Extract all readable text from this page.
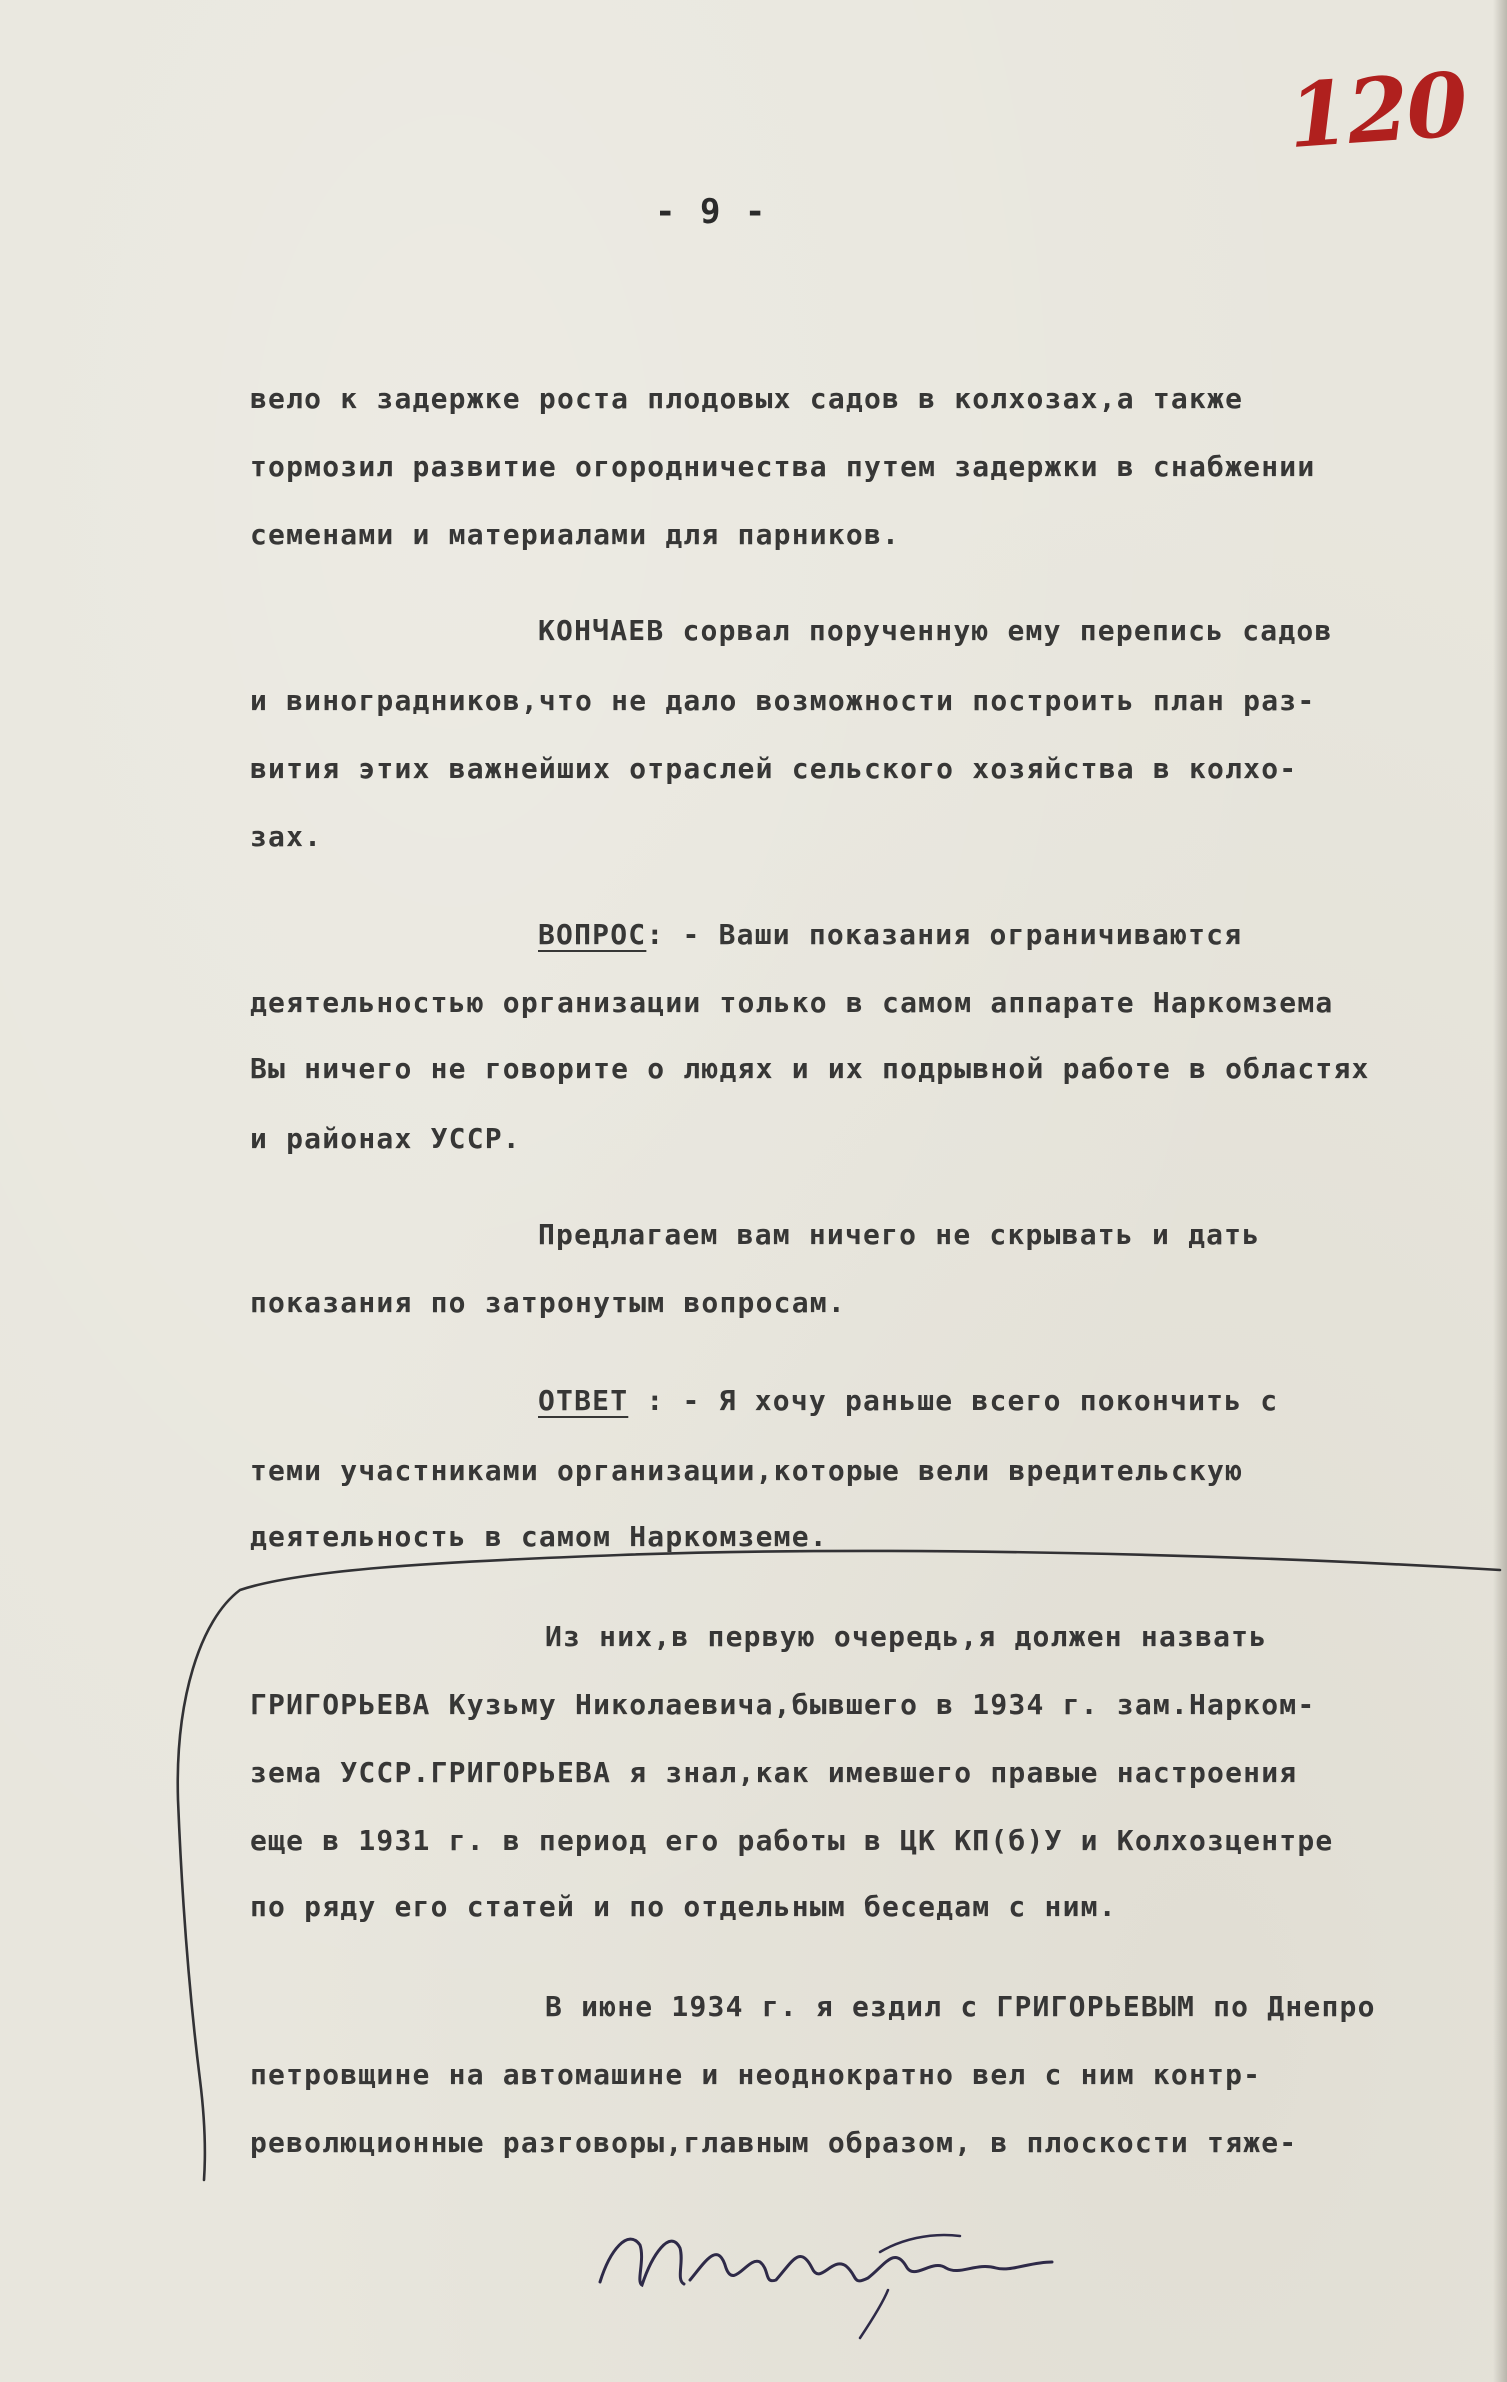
120
- 9 -
вело к задержке роста плодовых садов в колхозах,а также
тормозил развитие огородничества путем задержки в снабжении
семенами и материалами для парников.
КОНЧАЕВ сорвал порученную ему перепись садов
и виноградников,что не дало возможности построить план раз-
вития этих важнейших отраслей сельского хозяйства в колхо-
зах.
ВОПРОС: - Ваши показания ограничиваются
деятельностью организации только в самом аппарате Наркомзема
Вы ничего не говорите о людях и их подрывной работе в областях
и районах УССР.
Предлагаем вам ничего не скрывать и дать
показания по затронутым вопросам.
ОТВЕТ : - Я хочу раньше всего покончить с
теми участниками организации,которые вели вредительскую
деятельность в самом Наркомземе.
Из них,в первую очередь,я должен назвать
ГРИГОРЬЕВА Кузьму Николаевича,бывшего в 1934 г. зам.Нарком-
зема УССР.ГРИГОРЬЕВА я знал,как имевшего правые настроения
еще в 1931 г. в период его работы в ЦК КП(б)У и Колхозцентре
по ряду его статей и по отдельным беседам с ним.
В июне 1934 г. я ездил с ГРИГОРЬЕВЫМ по Днепро
петровщине на автомашине и неоднократно вел с ним контр-
революционные разговоры,главным образом, в плоскости тяже-
